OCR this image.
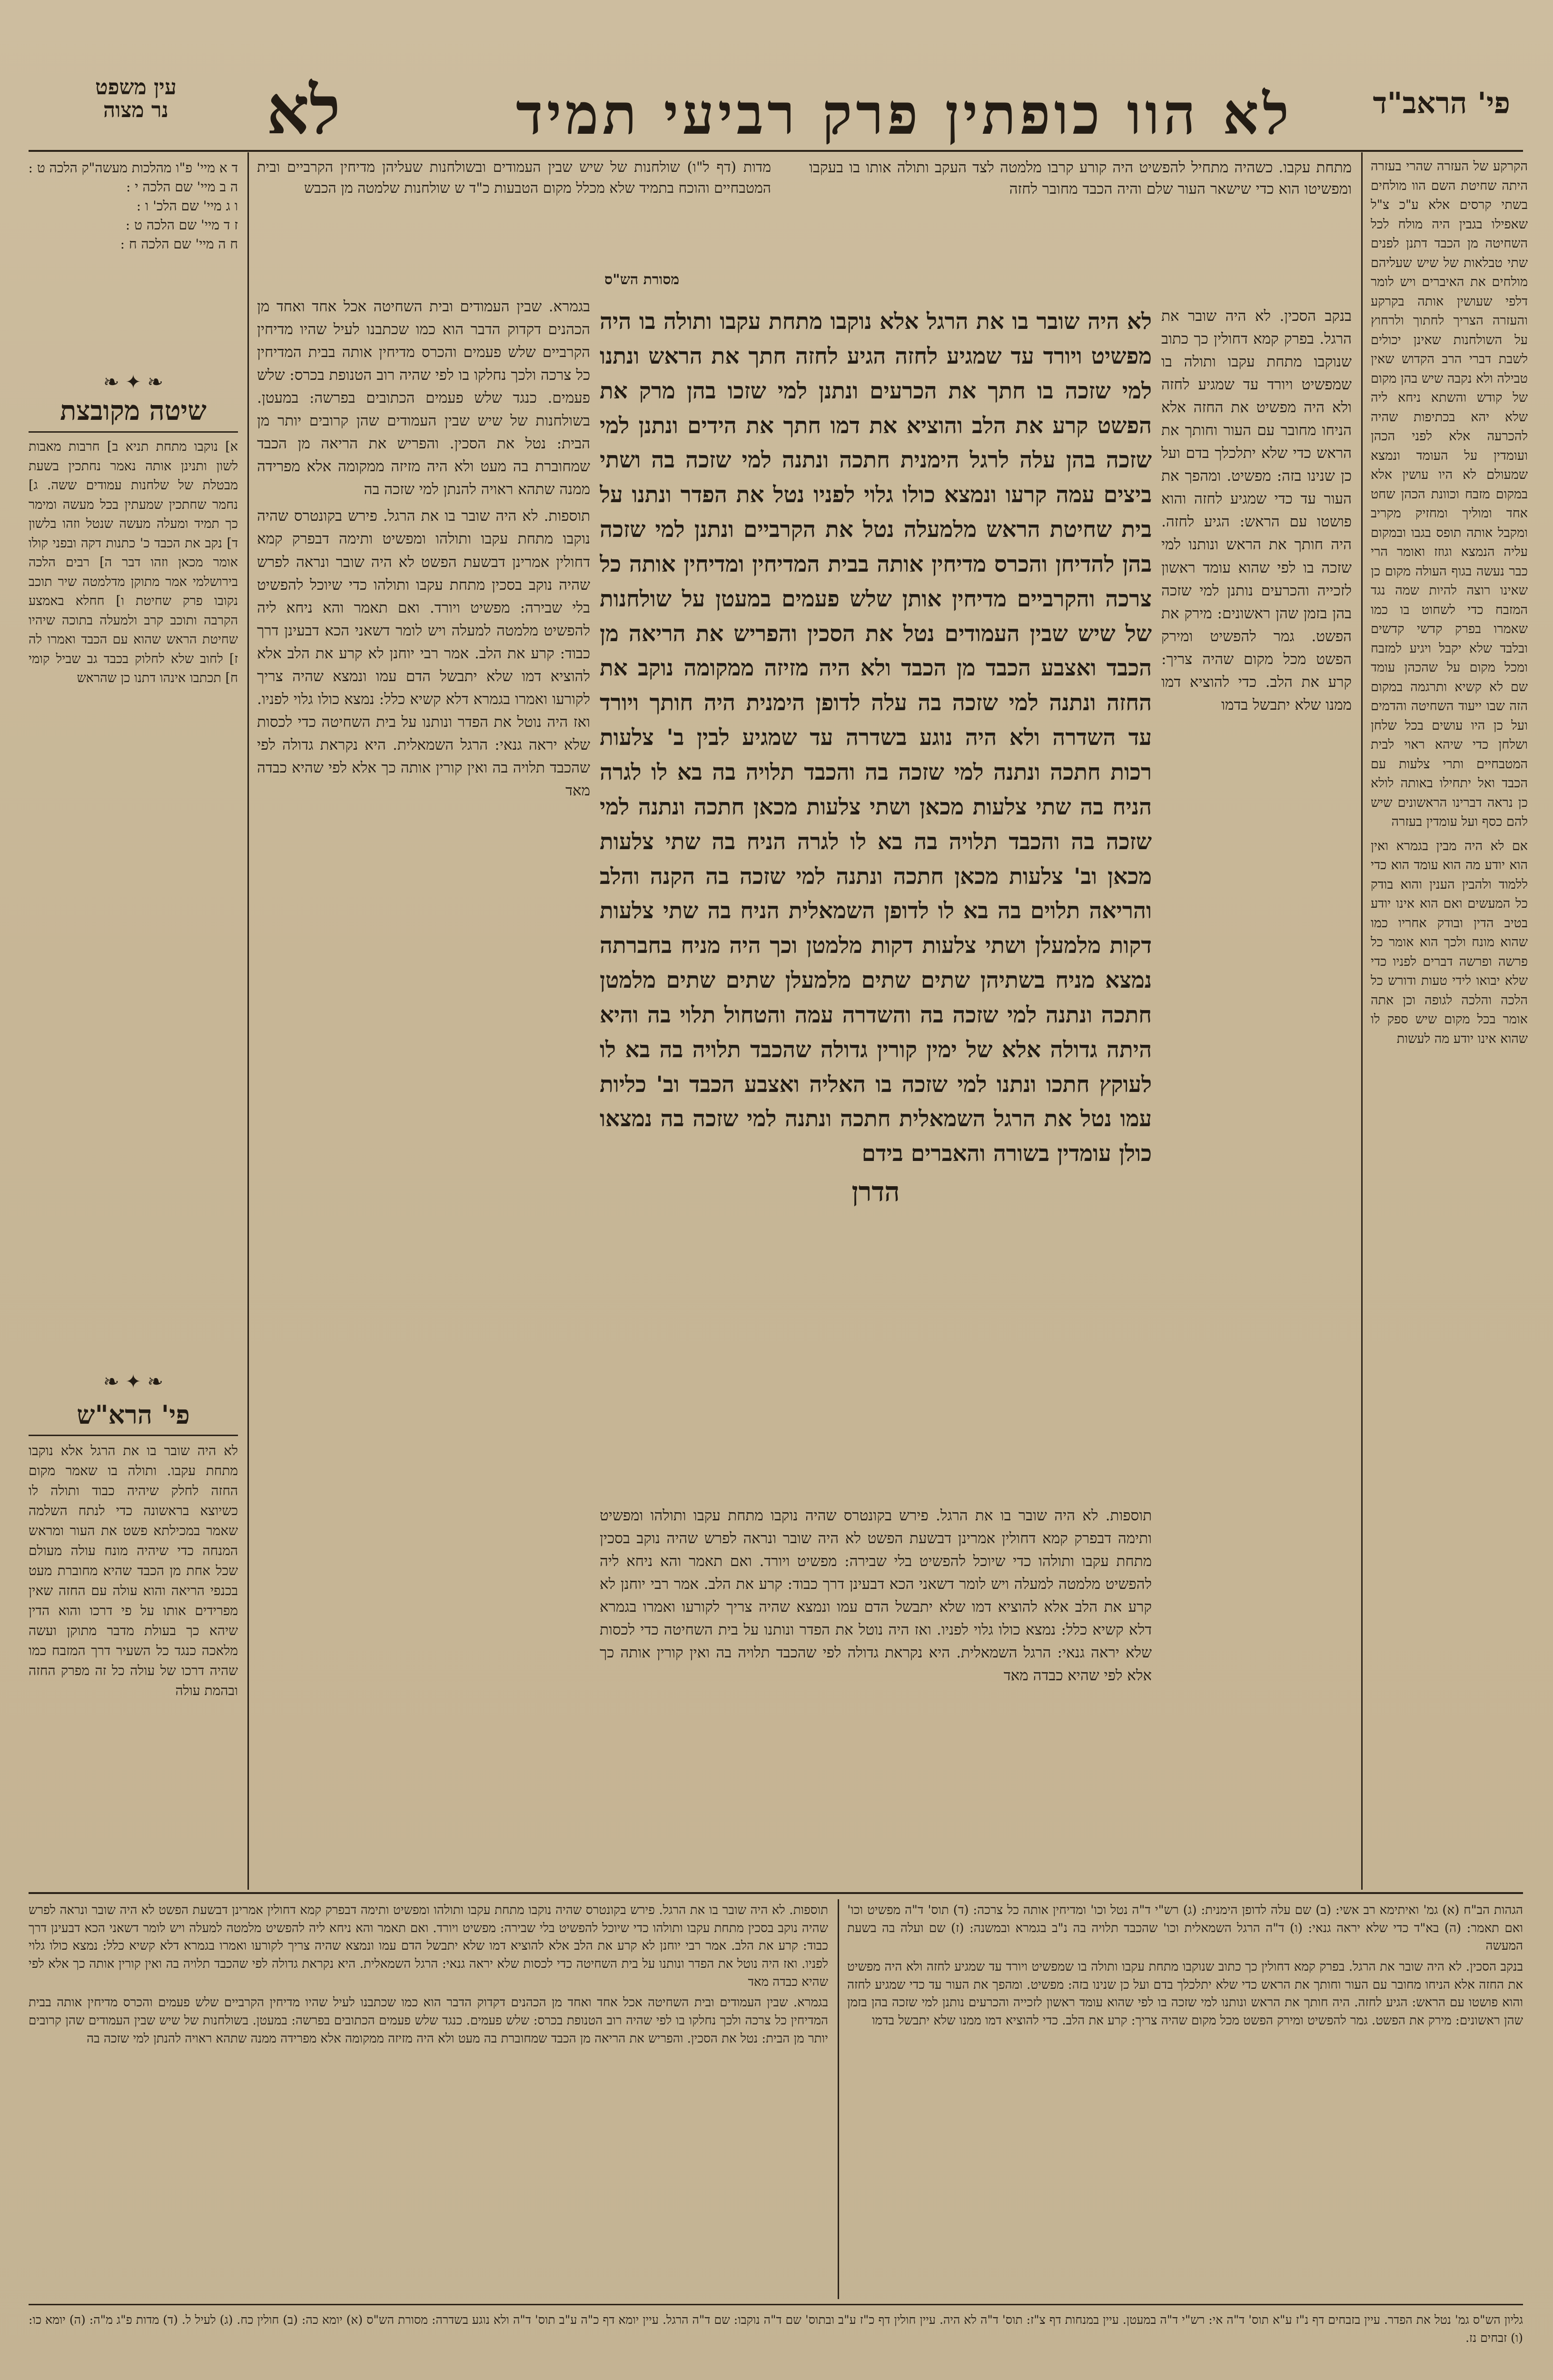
עין משפט
נר מצוה לא	לא הוו כופתין פרק רביעי תמיד	פי' הראב"ד
ד א מיי' פ"ו מהלכות מעשה"ק הלכה ט :
ה ב מיי' שם הלכה י :
ו ג מיי' שם הלכ' ו :
ז ד מיי' שם הלכה ט :
ח ה מיי' שם הלכה ח :
❧ ✦ ❧
שיטה מקובצת
א] נוקבו מתחת תניא ב] חרבות מאבות לשון ותנינן אותה נאמר נחתכין בשעת מבטלת של שלחנות עמודים ששה. ג] נחמר שחתכין שמעתין בכל מעשה ומימר כך תמיד ומעלה מעשה שנטל וזהו בלשון ד] נקב את הכבד כ' כתנות דקה ובפני קולו אומר מכאן וזהו דבר ה] רבים הלכה בירושלמי אמר מתוקן מדלמטה שיר תוכב נקובו פרק שחיטת ו] חחלא באמצע הקרבה ותוכב קרב ולמעלה בתוכה שיהיו שחיטת הראש שהוא עם הכבד ואמרו לה ז] לחוב שלא לחלוק בכבד גב שביל קומי ח] תכתבו אינהו דתנו כן שהראש
❧ ✦ ❧
פי' הרא"ש
לא היה שובר בו את הרגל אלא נוקבו מתחת עקבו. ותולה בו שאמר מקום החזה לחלק שיהיה כבוד ותולה לו כשיוצא בראשונה כדי לנתח השלמה שאמר במכילתא פשט את העור ומראש המנחה כדי שיהיה מונח עולה מעולם שכל אחת מן הכבד שהיא מחוברת מעט בכנפי הריאה והוא עולה עם החזה שאין מפרידים אותו על פי דרכו והוא הדין שיהא כך בעולת מדבר מתוקן ועשה מלאכה כנגד כל השעיר דרך המזבח כמו שהיה דרכו של עולה כל זה מפרק החזה ובהמת עולה
הקרקע של העזרה שהרי בעזרה היתה שחיטת השם הוו מולחים בשתי קרסים אלא ע"כ צ"ל שאפילו בגבין היה מולח לכל השחיטה מן הכבד דתנן לפנים שתי טבלאות של שיש שעליהם מולחים את האיברים ויש לומר דלפי שעושין אותה בקרקע והעזרה הצריך לחתוך ולרחוץ על השולחנות שאינן יכולים לשבת דברי הרב הקדוש שאין טבילה ולא נקבה שיש בהן מקום של קודש והשתא ניחא ליה שלא יהא בכתיפות שהיה להכרעה אלא לפני הכהן ועומדין על העומד ונמצא שמעולם לא היו עושין אלא במקום מזבח וכוונת הכהן שחט אחד ומוליך ומחזיק מקריב ומקבל אותה תופס בגבו ובמקום עליה הנמצא וגוזז ואומר הרי כבר נעשה בגוף העולה מקום כן שאינו רוצה להיות שמה נגד המזבח כדי לשחוט בו כמו שאמרו בפרק קדשי קדשים ובלבד שלא יקבל ויגיע למזבח ומכל מקום על שהכהן עומד שם לא קשיא ותרגמה במקום הזה שבו ייעוד השחיטה והדמים ועל כן היו עושים בכל שלחן ושלחן כדי שיהא ראוי לבית המטבחיים ותרי צלעות עם הכבד ואל יתחילו באותה לולא כן נראה דברינו הראשונים שיש להם כסף ועל עומדין בעזרה
אם לא היה מבין בגמרא ואין הוא יודע מה הוא עומד הוא כדי ללמוד ולהבין הענין והוא בודק כל המעשים ואם הוא אינו יודע בטיב הדין ובודק אחריו כמו שהוא מונח ולכך הוא אומר כל פרשה ופרשה דברים לפניו כדי שלא יבואו לידי טעות ודורש כל הלכה והלכה לגופה וכן אתה אומר בכל מקום שיש ספק לו שהוא אינו יודע מה לעשות
מדות (דף ל"ו) שולחנות של שיש שבין העמודים ובשולחנות שעליהן מדיחין הקרביים ובית המטבחיים והוכח בתמיד שלא מכלל מקום הטבעות כ"ד ש שולחנות שלמטה מן הכבש
מתחת עקבו. כשהיה מתחיל להפשיט היה קורע קרבו מלמטה לצד העקב ותולה אותו בו בעקבו ומפשיטו הוא כדי שישאר העור שלם והיה הכבד מחובר לחזה
מסורת הש"ס
בגמרא. שבין העמודים ובית השחיטה אכל אחד ואחד מן הכהנים דקדוק הדבר הוא כמו שכתבנו לעיל שהיו מדיחין הקרביים שלש פעמים והכרס מדיחין אותה בבית המדיחין כל צרכה ולכך נחלקו בו לפי שהיה רוב הטנופת בכרס: שלש פעמים. כנגד שלש פעמים הכתובים בפרשה: במעטן. בשולחנות של שיש שבין העמודים שהן קרובים יותר מן הבית: נטל את הסכין. והפריש את הריאה מן הכבד שמחוברת בה מעט ולא היה מזיזה ממקומה אלא מפרידה ממנה שתהא ראויה להנתן למי שזכה בה
תוספות. לא היה שובר בו את הרגל. פירש בקונטרס שהיה נוקבו מתחת עקבו ותולהו ומפשיט ותימה דבפרק קמא דחולין אמרינן דבשעת הפשט לא היה שובר ונראה לפרש שהיה נוקב בסכין מתחת עקבו ותולהו כדי שיוכל להפשיט בלי שבירה: מפשיט ויורד. ואם תאמר והא ניחא ליה להפשיט מלמטה למעלה ויש לומר דשאני הכא דבעינן דרך כבוד: קרע את הלב. אמר רבי יוחנן לא קרע את הלב אלא להוציא דמו שלא יתבשל הדם עמו ונמצא שהיה צריך לקורעו ואמרו בגמרא דלא קשיא כלל: נמצא כולו גלוי לפניו. ואז היה נוטל את הפדר ונותנו על בית השחיטה כדי לכסות שלא יראה גנאי: הרגל השמאלית. היא נקראת גדולה לפי שהכבד תלויה בה ואין קורין אותה כך אלא לפי שהיא כבדה מאד
לא היה שובר בו את הרגל אלא נוקבו מתחת עקבו ותולה בו היה מפשיט ויורד עד שמגיע לחזה הגיע לחזה חתך את הראש ונתנו למי שזכה בו חתך את הכרעים ונתנן למי שזכו בהן מרק את הפשט קרע את הלב והוציא את דמו חתך את הידים ונתנן למי שזכה בהן עלה לרגל הימנית חתכה ונתנה למי שזכה בה ושתי ביצים עמה קרעו ונמצא כולו גלוי לפניו נטל את הפדר ונתנו על בית שחיטת הראש מלמעלה נטל את הקרביים ונתנן למי שזכה בהן להדיחן והכרס מדיחין אותה בבית המדיחין ומדיחין אותה כל צרכה והקרביים מדיחין אותן שלש פעמים במעטן על שולחנות של שיש שבין העמודים נטל את הסכין והפריש את הריאה מן הכבד ואצבע הכבד מן הכבד ולא היה מזיזה ממקומה נוקב את החזה ונתנה למי שזכה בה עלה לדופן הימנית היה חותך ויורד עד השדרה ולא היה נוגע בשדרה עד שמגיע לבין ב' צלעות רכות חתכה ונתנה למי שזכה בה והכבד תלויה בה בא לו לגרה הניח בה שתי צלעות מכאן ושתי צלעות מכאן חתכה ונתנה למי שזכה בה והכבד תלויה בה בא לו לגרה הניח בה שתי צלעות מכאן וב' צלעות מכאן חתכה ונתנה למי שזכה בה הקנה והלב והריאה תלוים בה בא לו לדופן השמאלית הניח בה שתי צלעות דקות מלמעלן ושתי צלעות דקות מלמטן וכך היה מניח בחברתה נמצא מניח בשתיהן שתים שתים מלמעלן שתים שתים מלמטן חתכה ונתנה למי שזכה בה והשדרה עמה והטחול תלוי בה והיא היתה גדולה אלא של ימין קורין גדולה שהכבד תלויה בה בא לו לעוקץ חתכו ונתנו למי שזכה בו האליה ואצבע הכבד וב' כליות עמו נטל את הרגל השמאלית חתכה ונתנה למי שזכה בה נמצאו כולן עומדין בשורה והאברים בידם
הדרן
בנקב הסכין. לא היה שובר את הרגל. בפרק קמא דחולין כך כתוב שנוקבו מתחת עקבו ותולה בו שמפשיט ויורד עד שמגיע לחזה ולא היה מפשיט את החזה אלא הניחו מחובר עם העור וחותך את הראש כדי שלא יתלכלך בדם ועל כן שנינו בזה: מפשיט. ומהפך את העור עד כדי שמגיע לחזה והוא פושטו עם הראש: הגיע לחזה. היה חותך את הראש ונותנו למי שזכה בו לפי שהוא עומד ראשון לזכייה והכרעים נותנן למי שזכה בהן בזמן שהן ראשונים: מירק את הפשט. גמר להפשיט ומירק הפשט מכל מקום שהיה צריך: קרע את הלב. כדי להוציא דמו ממנו שלא יתבשל בדמו
תוספות. לא היה שובר בו את הרגל. פירש בקונטרס שהיה נוקבו מתחת עקבו ותולהו ומפשיט ותימה דבפרק קמא דחולין אמרינן דבשעת הפשט לא היה שובר ונראה לפרש שהיה נוקב בסכין מתחת עקבו ותולהו כדי שיוכל להפשיט בלי שבירה: מפשיט ויורד. ואם תאמר והא ניחא ליה להפשיט מלמטה למעלה ויש לומר דשאני הכא דבעינן דרך כבוד: קרע את הלב. אמר רבי יוחנן לא קרע את הלב אלא להוציא דמו שלא יתבשל הדם עמו ונמצא שהיה צריך לקורעו ואמרו בגמרא דלא קשיא כלל: נמצא כולו גלוי לפניו. ואז היה נוטל את הפדר ונותנו על בית השחיטה כדי לכסות שלא יראה גנאי: הרגל השמאלית. היא נקראת גדולה לפי שהכבד תלויה בה ואין קורין אותה כך אלא לפי שהיא כבדה מאד
תוספות. לא היה שובר בו את הרגל. פירש בקונטרס שהיה נוקבו מתחת עקבו ותולהו ומפשיט ותימה דבפרק קמא דחולין אמרינן דבשעת הפשט לא היה שובר ונראה לפרש שהיה נוקב בסכין מתחת עקבו ותולהו כדי שיוכל להפשיט בלי שבירה: מפשיט ויורד. ואם תאמר והא ניחא ליה להפשיט מלמטה למעלה ויש לומר דשאני הכא דבעינן דרך כבוד: קרע את הלב. אמר רבי יוחנן לא קרע את הלב אלא להוציא דמו שלא יתבשל הדם עמו ונמצא שהיה צריך לקורעו ואמרו בגמרא דלא קשיא כלל: נמצא כולו גלוי לפניו. ואז היה נוטל את הפדר ונותנו על בית השחיטה כדי לכסות שלא יראה גנאי: הרגל השמאלית. היא נקראת גדולה לפי שהכבד תלויה בה ואין קורין אותה כך אלא לפי שהיא כבדה מאד
בגמרא. שבין העמודים ובית השחיטה אכל אחד ואחד מן הכהנים דקדוק הדבר הוא כמו שכתבנו לעיל שהיו מדיחין הקרביים שלש פעמים והכרס מדיחין אותה בבית המדיחין כל צרכה ולכך נחלקו בו לפי שהיה רוב הטנופת בכרס: שלש פעמים. כנגד שלש פעמים הכתובים בפרשה: במעטן. בשולחנות של שיש שבין העמודים שהן קרובים יותר מן הבית: נטל את הסכין. והפריש את הריאה מן הכבד שמחוברת בה מעט ולא היה מזיזה ממקומה אלא מפרידה ממנה שתהא ראויה להנתן למי שזכה בה
הגהות הב"ח (א) גמ' ואיתימא רב אשי: (ב) שם עלה לדופן הימנית: (ג) רש"י ד"ה נטל וכו' ומדיחין אותה כל צרכה: (ד) תוס' ד"ה מפשיט וכו' ואם תאמר: (ה) בא"ד כדי שלא יראה גנאי: (ו) ד"ה הרגל השמאלית וכו' שהכבד תלויה בה נ"ב בגמרא ובמשנה: (ז) שם ועלה בה בשעת המעשה
בנקב הסכין. לא היה שובר את הרגל. בפרק קמא דחולין כך כתוב שנוקבו מתחת עקבו ותולה בו שמפשיט ויורד עד שמגיע לחזה ולא היה מפשיט את החזה אלא הניחו מחובר עם העור וחותך את הראש כדי שלא יתלכלך בדם ועל כן שנינו בזה: מפשיט. ומהפך את העור עד כדי שמגיע לחזה והוא פושטו עם הראש: הגיע לחזה. היה חותך את הראש ונותנו למי שזכה בו לפי שהוא עומד ראשון לזכייה והכרעים נותנן למי שזכה בהן בזמן שהן ראשונים: מירק את הפשט. גמר להפשיט ומירק הפשט מכל מקום שהיה צריך: קרע את הלב. כדי להוציא דמו ממנו שלא יתבשל בדמו
גליון הש"ס גמ' נטל את הפדר. עיין בזבחים דף נ"ז ע"א תוס' ד"ה אי: רש"י ד"ה במעטן. עיין במנחות דף צ"ז: תוס' ד"ה לא היה. עיין חולין דף כ"ז ע"ב ובתוס' שם ד"ה נוקבו: שם ד"ה הרגל. עיין יומא דף כ"ה ע"ב תוס' ד"ה ולא נוגע בשדרה: מסורת הש"ס (א) יומא כה: (ב) חולין כח. (ג) לעיל ל. (ד) מדות פ"ג מ"ה: (ה) יומא כו: (ו) זבחים נז.
